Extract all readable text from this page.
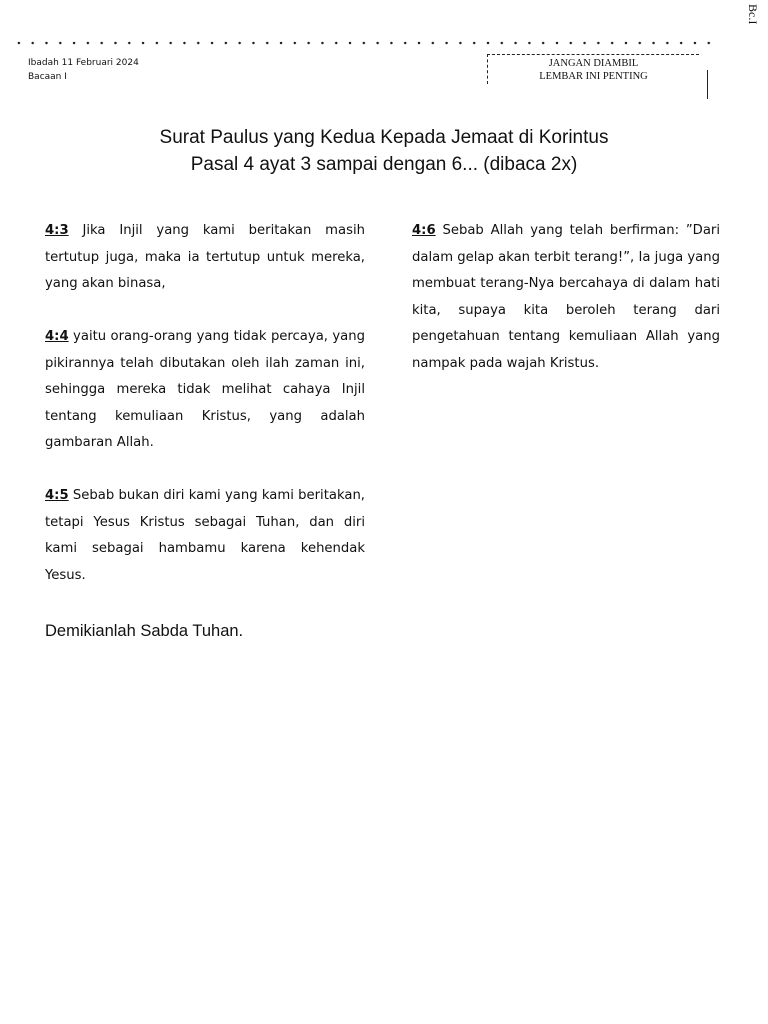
Bc.I
Ibadah 11 Februari 2024
Bacaan I
JANGAN DIAMBIL
LEMBAR INI PENTING
Surat Paulus yang Kedua Kepada Jemaat di Korintus
Pasal 4 ayat 3 sampai dengan 6... (dibaca 2x)

4:3 Jika Injil yang kami beritakan masih tertutup juga, maka ia tertutup untuk mereka, yang akan binasa,

4:4 yaitu orang-orang yang tidak percaya, yang pikirannya telah dibutakan oleh ilah zaman ini, sehingga mereka tidak melihat cahaya Injil tentang kemuliaan Kristus, yang adalah gambaran Allah.

4:5 Sebab bukan diri kami yang kami beritakan, tetapi Yesus Kristus sebagai Tuhan, dan diri kami sebagai hambamu karena kehendak Yesus.

4:6 Sebab Allah yang telah berfirman: ”Dari dalam gelap akan terbit terang!”, Ia juga yang membuat terang-Nya bercahaya di dalam hati kita, supaya kita beroleh terang dari pengetahuan tentang kemuliaan Allah yang nampak pada wajah Kristus.

Demikianlah Sabda Tuhan.
